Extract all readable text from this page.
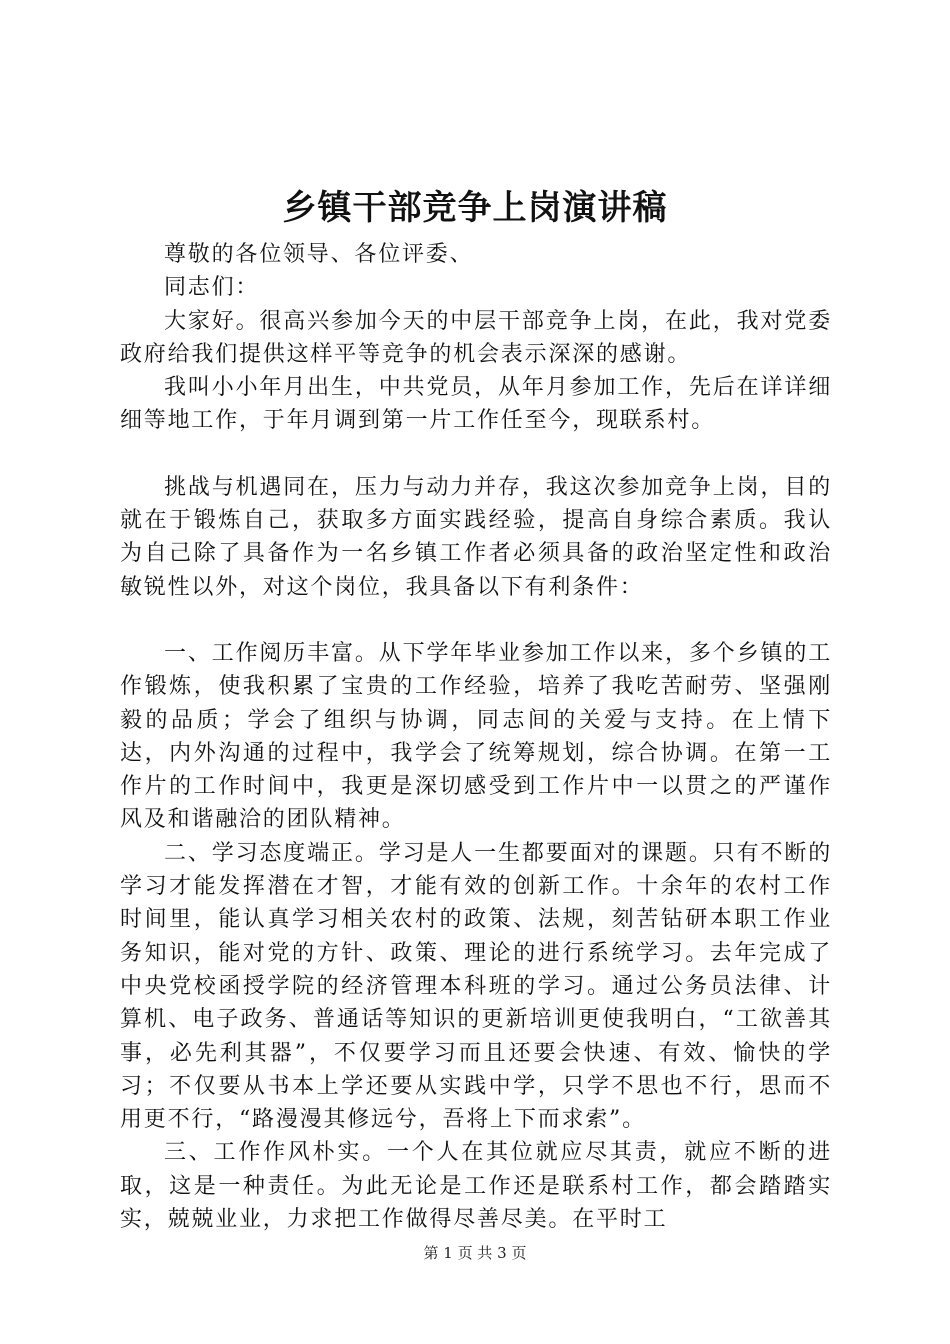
乡镇干部竞争上岗演讲稿

尊敬的各位领导、各位评委、

同志们：

大家好。很高兴参加今天的中层干部竞争上岗，在此，我对党委政府给我们提供这样平等竞争的机会表示深深的感谢。

我叫小小年月出生，中共党员，从年月参加工作，先后在详详细细等地工作，于年月调到第一片工作任至今，现联系村。

挑战与机遇同在，压力与动力并存，我这次参加竞争上岗，目的就在于锻炼自己，获取多方面实践经验，提高自身综合素质。我认为自己除了具备作为一名乡镇工作者必须具备的政治坚定性和政治敏锐性以外，对这个岗位，我具备以下有利条件：

一、工作阅历丰富。从下学年毕业参加工作以来，多个乡镇的工作锻炼，使我积累了宝贵的工作经验，培养了我吃苦耐劳、坚强刚毅的品质；学会了组织与协调，同志间的关爱与支持。在上情下达，内外沟通的过程中，我学会了统筹规划，综合协调。在第一工作片的工作时间中，我更是深切感受到工作片中一以贯之的严谨作风及和谐融洽的团队精神。

二、学习态度端正。学习是人一生都要面对的课题。只有不断的学习才能发挥潜在才智，才能有效的创新工作。十余年的农村工作时间里，能认真学习相关农村的政策、法规，刻苦钻研本职工作业务知识，能对党的方针、政策、理论的进行系统学习。去年完成了中央党校函授学院的经济管理本科班的学习。通过公务员法律、计算机、电子政务、普通话等知识的更新培训更使我明白，“工欲善其事，必先利其器”，不仅要学习而且还要会快速、有效、愉快的学习；不仅要从书本上学还要从实践中学，只学不思也不行，思而不用更不行，“路漫漫其修远兮，吾将上下而求索”。

三、工作作风朴实。一个人在其位就应尽其责，就应不断的进取，这是一种责任。为此无论是工作还是联系村工作，都会踏踏实实，兢兢业业，力求把工作做得尽善尽美。在平时工

第 1 页 共 3 页
